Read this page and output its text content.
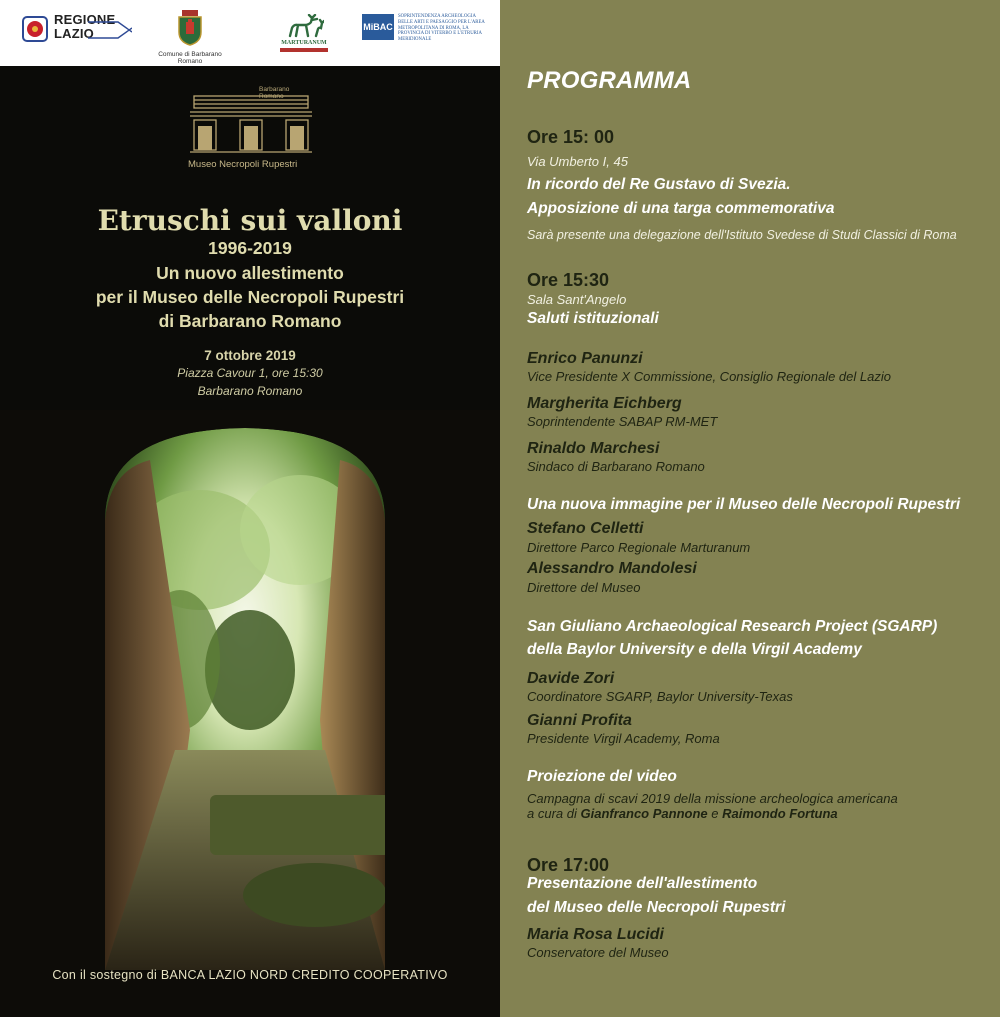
REGIONE
LAZIO
Comune di Barbarano Romano
MARTURANUM
MiBAC
SOPRINTENDENZA ARCHEOLOGIA BELLE ARTI E PAESAGGIO PER L'AREA METROPOLITANA DI ROMA, LA PROVINCIA DI VITERBO E L'ETRURIA MERIDIONALE
Barbarano Romano
Museo Necropoli Rupestri
Etruschi sui valloni
1996-2019
Un nuovo allestimento
per il Museo delle Necropoli Rupestri
di Barbarano Romano
7 ottobre 2019
Piazza Cavour 1, ore 15:30
Barbarano Romano
Con il sostegno di BANCA LAZIO NORD CREDITO COOPERATIVO
PROGRAMMA
Ore 15: 00
Via Umberto I, 45
In ricordo del Re Gustavo di Svezia.
Apposizione di una targa commemorativa
Sarà presente una delegazione dell'Istituto Svedese di Studi Classici di Roma
Ore 15:30
Sala Sant'Angelo
Saluti istituzionali
Enrico Panunzi
Vice Presidente X Commissione, Consiglio Regionale del Lazio
Margherita Eichberg
Soprintendente SABAP RM-MET
Rinaldo Marchesi
Sindaco di Barbarano Romano
Una nuova immagine per il Museo delle Necropoli Rupestri
Stefano Celletti
Direttore Parco Regionale Marturanum
Alessandro Mandolesi
Direttore del Museo
San Giuliano Archaeological Research Project (SGARP)
della Baylor University e della Virgil Academy
Davide Zori
Coordinatore SGARP, Baylor University-Texas
Gianni Profita
Presidente Virgil Academy, Roma
Proiezione del video
Campagna di scavi 2019 della missione archeologica americana
a cura di Gianfranco Pannone e Raimondo Fortuna
Ore 17:00
Presentazione dell'allestimento
del Museo delle Necropoli Rupestri
Maria Rosa Lucidi
Conservatore del Museo
